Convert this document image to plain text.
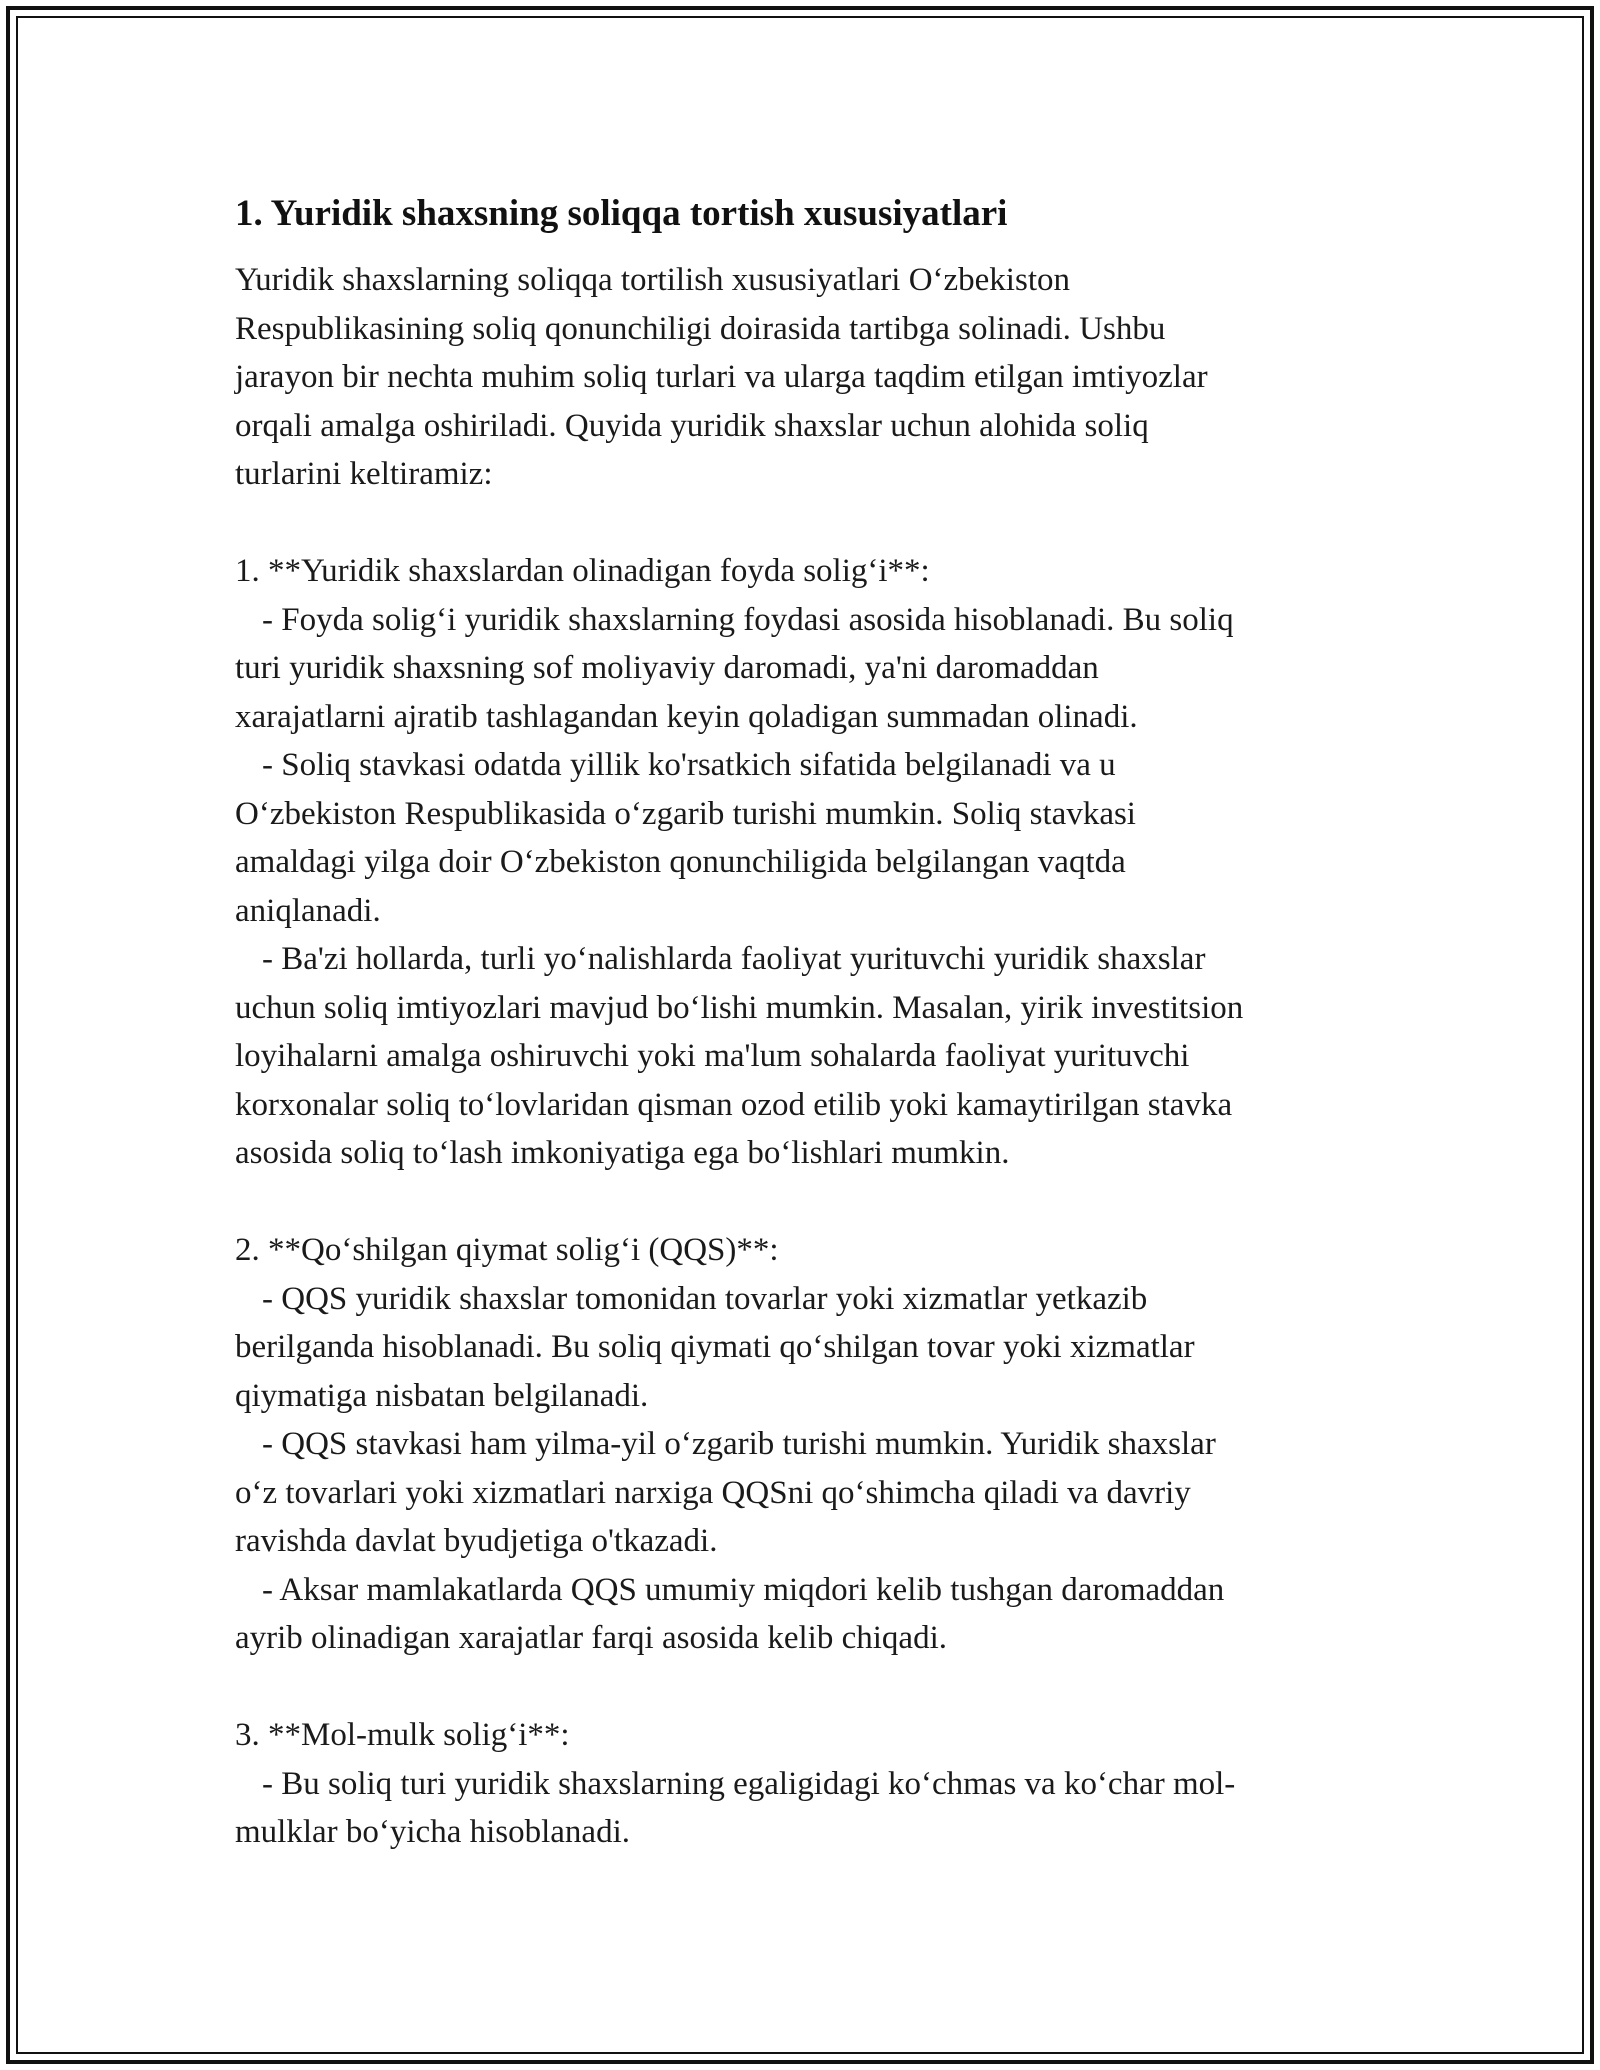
1. Yuridik shaxsning soliqqa tortish xususiyatlari

Yuridik shaxslarning soliqqa tortilish xususiyatlari O‘zbekiston
Respublikasining soliq qonunchiligi doirasida tartibga solinadi. Ushbu
jarayon bir nechta muhim soliq turlari va ularga taqdim etilgan imtiyozlar
orqali amalga oshiriladi. Quyida yuridik shaxslar uchun alohida soliq
turlarini keltiramiz:

1. **Yuridik shaxslardan olinadigan foyda solig‘i**:

- Foyda solig‘i yuridik shaxslarning foydasi asosida hisoblanadi. Bu soliq
turi yuridik shaxsning sof moliyaviy daromadi, ya'ni daromaddan
xarajatlarni ajratib tashlagandan keyin qoladigan summadan olinadi.

- Soliq stavkasi odatda yillik ko'rsatkich sifatida belgilanadi va u
O‘zbekiston Respublikasida o‘zgarib turishi mumkin. Soliq stavkasi
amaldagi yilga doir O‘zbekiston qonunchiligida belgilangan vaqtda
aniqlanadi.

- Ba'zi hollarda, turli yo‘nalishlarda faoliyat yurituvchi yuridik shaxslar
uchun soliq imtiyozlari mavjud bo‘lishi mumkin. Masalan, yirik investitsion
loyihalarni amalga oshiruvchi yoki ma'lum sohalarda faoliyat yurituvchi
korxonalar soliq to‘lovlaridan qisman ozod etilib yoki kamaytirilgan stavka
asosida soliq to‘lash imkoniyatiga ega bo‘lishlari mumkin.

2. **Qo‘shilgan qiymat solig‘i (QQS)**:

- QQS yuridik shaxslar tomonidan tovarlar yoki xizmatlar yetkazib
berilganda hisoblanadi. Bu soliq qiymati qo‘shilgan tovar yoki xizmatlar
qiymatiga nisbatan belgilanadi.

- QQS stavkasi ham yilma-yil o‘zgarib turishi mumkin. Yuridik shaxslar
o‘z tovarlari yoki xizmatlari narxiga QQSni qo‘shimcha qiladi va davriy
ravishda davlat byudjetiga o'tkazadi.

- Aksar mamlakatlarda QQS umumiy miqdori kelib tushgan daromaddan
ayrib olinadigan xarajatlar farqi asosida kelib chiqadi.

3. **Mol-mulk solig‘i**:

- Bu soliq turi yuridik shaxslarning egaligidagi ko‘chmas va ko‘char mol-
mulklar bo‘yicha hisoblanadi.
